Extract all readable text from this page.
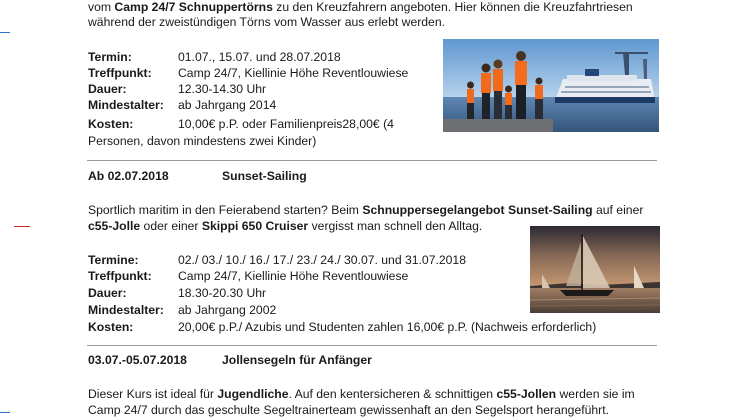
vom Camp 24/7 Schnuppertörns zu den Kreuzfahrern angeboten. Hier können die Kreuzfahrtriesen
während der zweistündigen Törns vom Wasser aus erlebt werden.
Termin:	01.07., 15.07. und 28.07.2018
Treffpunkt: Camp 24/7, Kiellinie Höhe Reventlouwiese
Dauer:	12.30-14.30 Uhr
Mindestalter: ab Jahrgang 2014
Kosten:	10,00€ p.P. oder Familienpreis28,00€ (4
Personen, davon mindestens zwei Kinder)
Ab 02.07.2018	Sunset-Sailing
Sportlich maritim in den Feierabend starten? Beim Schnuppersegelangebot Sunset-Sailing auf einer
c55-Jolle oder einer Skippi 650 Cruiser vergisst man schnell den Alltag.
Termine:	02./ 03./ 10./ 16./ 17./ 23./ 24./ 30.07. und 31.07.2018
Treffpunkt: Camp 24/7, Kiellinie Höhe Reventlouwiese
Dauer:	18.30-20.30 Uhr
Mindestalter: ab Jahrgang 2002
Kosten:	20,00€ p.P./ Azubis und Studenten zahlen 16,00€ p.P. (Nachweis erforderlich)
03.07.-05.07.2018	Jollensegeln für Anfänger
Dieser Kurs ist ideal für Jugendliche. Auf den kentersicheren & schnittigen c55-Jollen werden sie im
Camp 24/7 durch das geschulte Segeltrainerteam gewissenhaft an den Segelsport herangeführt.
